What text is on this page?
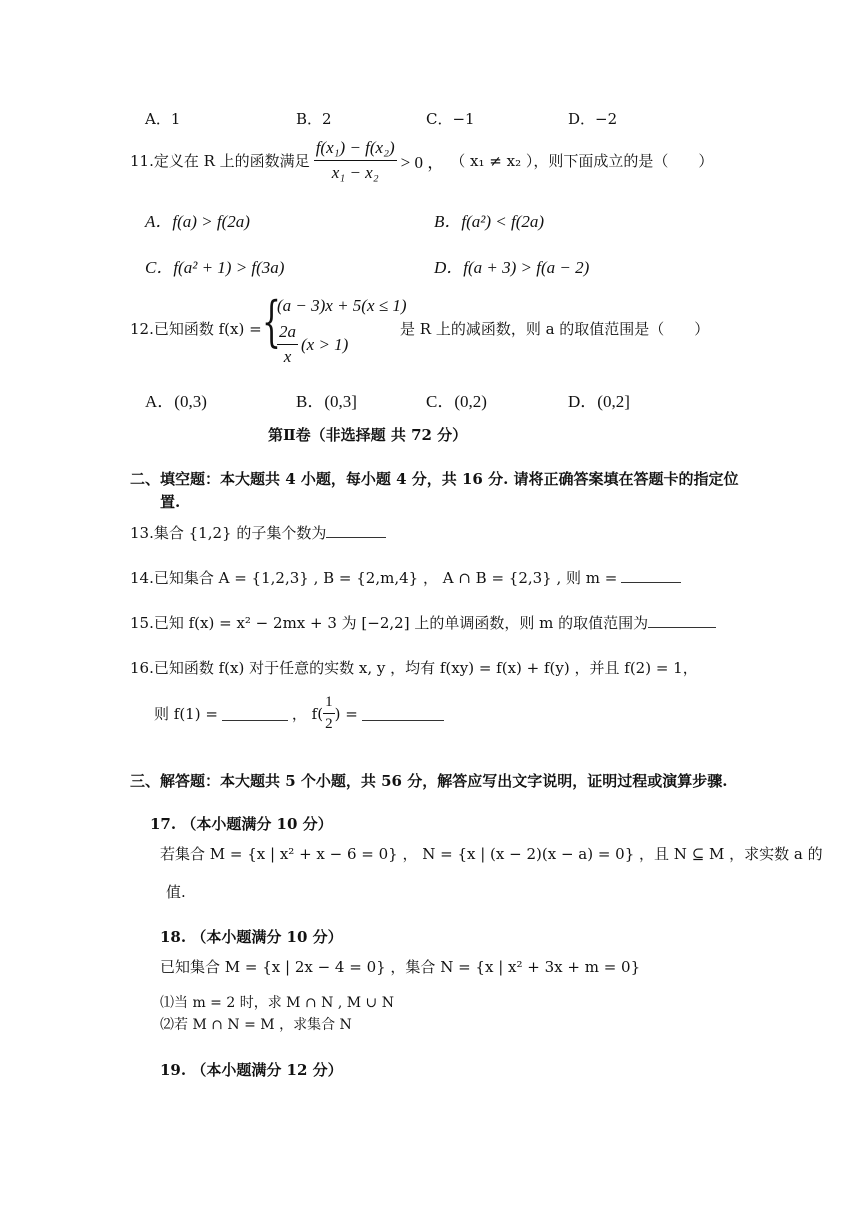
A．1	B．2	C．−1	D．−2
11.定义在 R 上的函数满足 $\frac{\text{f(x₁) − f(x₂)}}{\text{x₁ − x₂}} > 0$ ， （ x₁ ≠ x₂ ），则下面成立的是（　　）
A．f(a) > f(2a)	B．f(a²) < f(2a)
C．f(a² + 1) > f(3a)	D．f(a + 3) > f(a − 2)
12.已知函数 f(x) = {
(a − 3)x + 5(x ≤ 1)
$\frac{2a}{x} (x > 1)$
是 R 上的减函数，则 a 的取值范围是（　　）
A．(0,3)	B．(0,3]	C．(0,2)	D．(0,2]
第Ⅱ卷（非选择题 共 72 分）
二、填空题：本大题共 4 小题，每小题 4 分，共 16 分. 请将正确答案填在答题卡的指定位
置.
13.集合 {1,2} 的子集个数为
14.已知集合 A = {1,2,3} , B = {2,m,4} ， A ∩ B = {2,3} , 则 m =
15.已知 f(x) = x² − 2mx + 3 为 [−2,2] 上的单调函数，则 m 的取值范围为
16.已知函数 f(x) 对于任意的实数 x, y ，均有 f(xy) = f(x) + f(y) ，并且 f(2) = 1，
则 f(1) =	， $f( \frac{1}{2}$ ) =
三、解答题：本大题共 5 个小题，共 56 分，解答应写出文字说明，证明过程或演算步骤.
17. （本小题满分 10 分）
若集合 M = {x | x² + x − 6 = 0} ， N = {x | (x − 2)(x − a) = 0} ，且 N ⊆ M ，求实数 a 的
值.
18. （本小题满分 10 分）
已知集合 M = {x | 2x − 4 = 0} ，集合 N = {x | x² + 3x + m = 0}
⑴当 m = 2 时，求 M ∩ N , M ∪ N
⑵若 M ∩ N = M ，求集合 N
19. （本小题满分 12 分）
